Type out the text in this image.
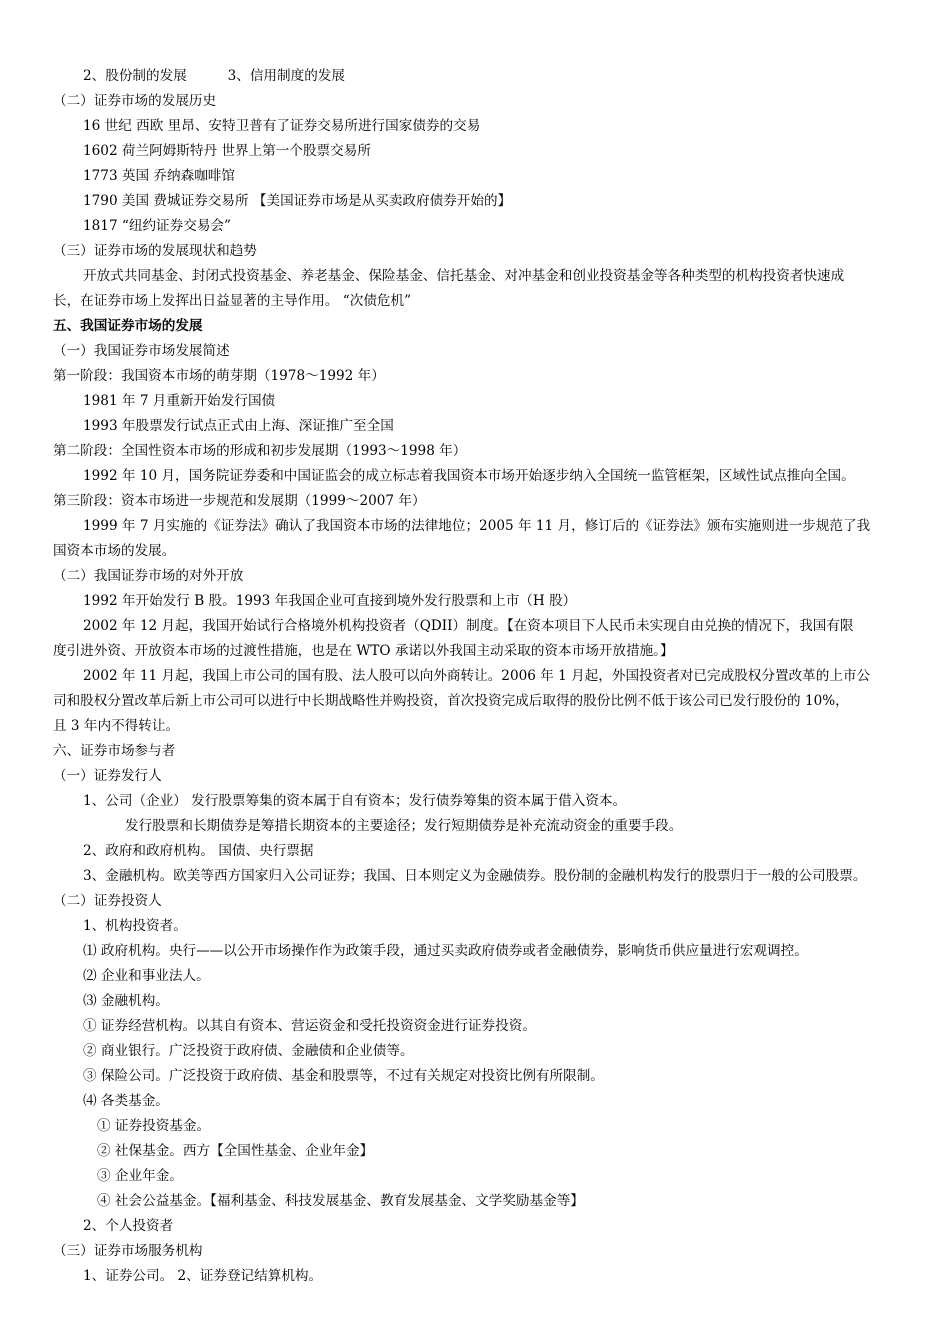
2、股份制的发展　　　3、信用制度的发展
（二）证券市场的发展历史
16 世纪 西欧 里昂、安特卫普有了证券交易所进行国家债券的交易
1602 荷兰阿姆斯特丹 世界上第一个股票交易所
1773 英国 乔纳森咖啡馆
1790 美国 费城证券交易所 【美国证券市场是从买卖政府债券开始的】
1817 “纽约证券交易会”
（三）证券市场的发展现状和趋势
开放式共同基金、封闭式投资基金、养老基金、保险基金、信托基金、对冲基金和创业投资基金等各种类型的机构投资者快速成
长，在证券市场上发挥出日益显著的主导作用。 “次债危机”
五、我国证券市场的发展
（一）我国证券市场发展简述
第一阶段：我国资本市场的萌芽期（1978～1992 年）
1981 年 7 月重新开始发行国债
1993 年股票发行试点正式由上海、深证推广至全国
第二阶段：全国性资本市场的形成和初步发展期（1993～1998 年）
1992 年 10 月，国务院证券委和中国证监会的成立标志着我国资本市场开始逐步纳入全国统一监管框架，区域性试点推向全国。
第三阶段：资本市场进一步规范和发展期（1999～2007 年）
1999 年 7 月实施的《证券法》确认了我国资本市场的法律地位；2005 年 11 月，修订后的《证券法》颁布实施则进一步规范了我
国资本市场的发展。
（二）我国证券市场的对外开放
1992 年开始发行 B 股。1993 年我国企业可直接到境外发行股票和上市（H 股）
2002 年 12 月起，我国开始试行合格境外机构投资者（QDII）制度。【在资本项目下人民币未实现自由兑换的情况下，我国有限
度引进外资、开放资本市场的过渡性措施，也是在 WTO 承诺以外我国主动采取的资本市场开放措施。】
2002 年 11 月起，我国上市公司的国有股、法人股可以向外商转让。2006 年 1 月起，外国投资者对已完成股权分置改革的上市公
司和股权分置改革后新上市公司可以进行中长期战略性并购投资，首次投资完成后取得的股份比例不低于该公司已发行股份的 10%，
且 3 年内不得转让。
六、证券市场参与者
（一）证券发行人
1、公司（企业） 发行股票筹集的资本属于自有资本；发行债券筹集的资本属于借入资本。
发行股票和长期债券是筹措长期资本的主要途径；发行短期债券是补充流动资金的重要手段。
2、政府和政府机构。 国债、央行票据
3、金融机构。欧美等西方国家归入公司证券；我国、日本则定义为金融债券。股份制的金融机构发行的股票归于一般的公司股票。
（二）证券投资人
1、机构投资者。
⑴ 政府机构。央行——以公开市场操作作为政策手段，通过买卖政府债券或者金融债券，影响货币供应量进行宏观调控。
⑵ 企业和事业法人。
⑶ 金融机构。
① 证券经营机构。以其自有资本、营运资金和受托投资资金进行证券投资。
② 商业银行。广泛投资于政府债、金融债和企业债等。
③ 保险公司。广泛投资于政府债、基金和股票等，不过有关规定对投资比例有所限制。
⑷ 各类基金。
① 证券投资基金。
② 社保基金。西方【全国性基金、企业年金】
③ 企业年金。
④ 社会公益基金。【福利基金、科技发展基金、教育发展基金、文学奖励基金等】
2、个人投资者
（三）证券市场服务机构
1、证券公司。 2、证券登记结算机构。
